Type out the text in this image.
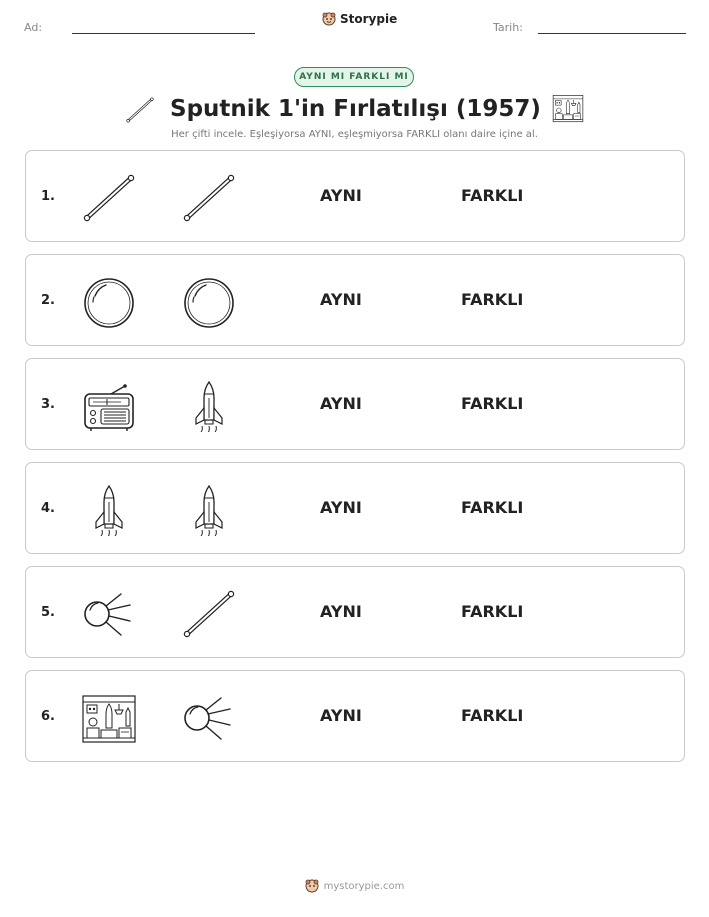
Ad:
Storypie
Tarih:
AYNI MI FARKLI MI
Sputnik 1'in Fırlatılışı (1957)
Her çifti incele. Eşleşiyorsa AYNI, eşleşmiyorsa FARKLI olanı daire içine al.
1.	AYNI	FARKLI
2.	AYNI	FARKLI
3.	AYNI	FARKLI
4.	AYNI	FARKLI
5.	AYNI	FARKLI
6.	AYNI	FARKLI
mystorypie.com
